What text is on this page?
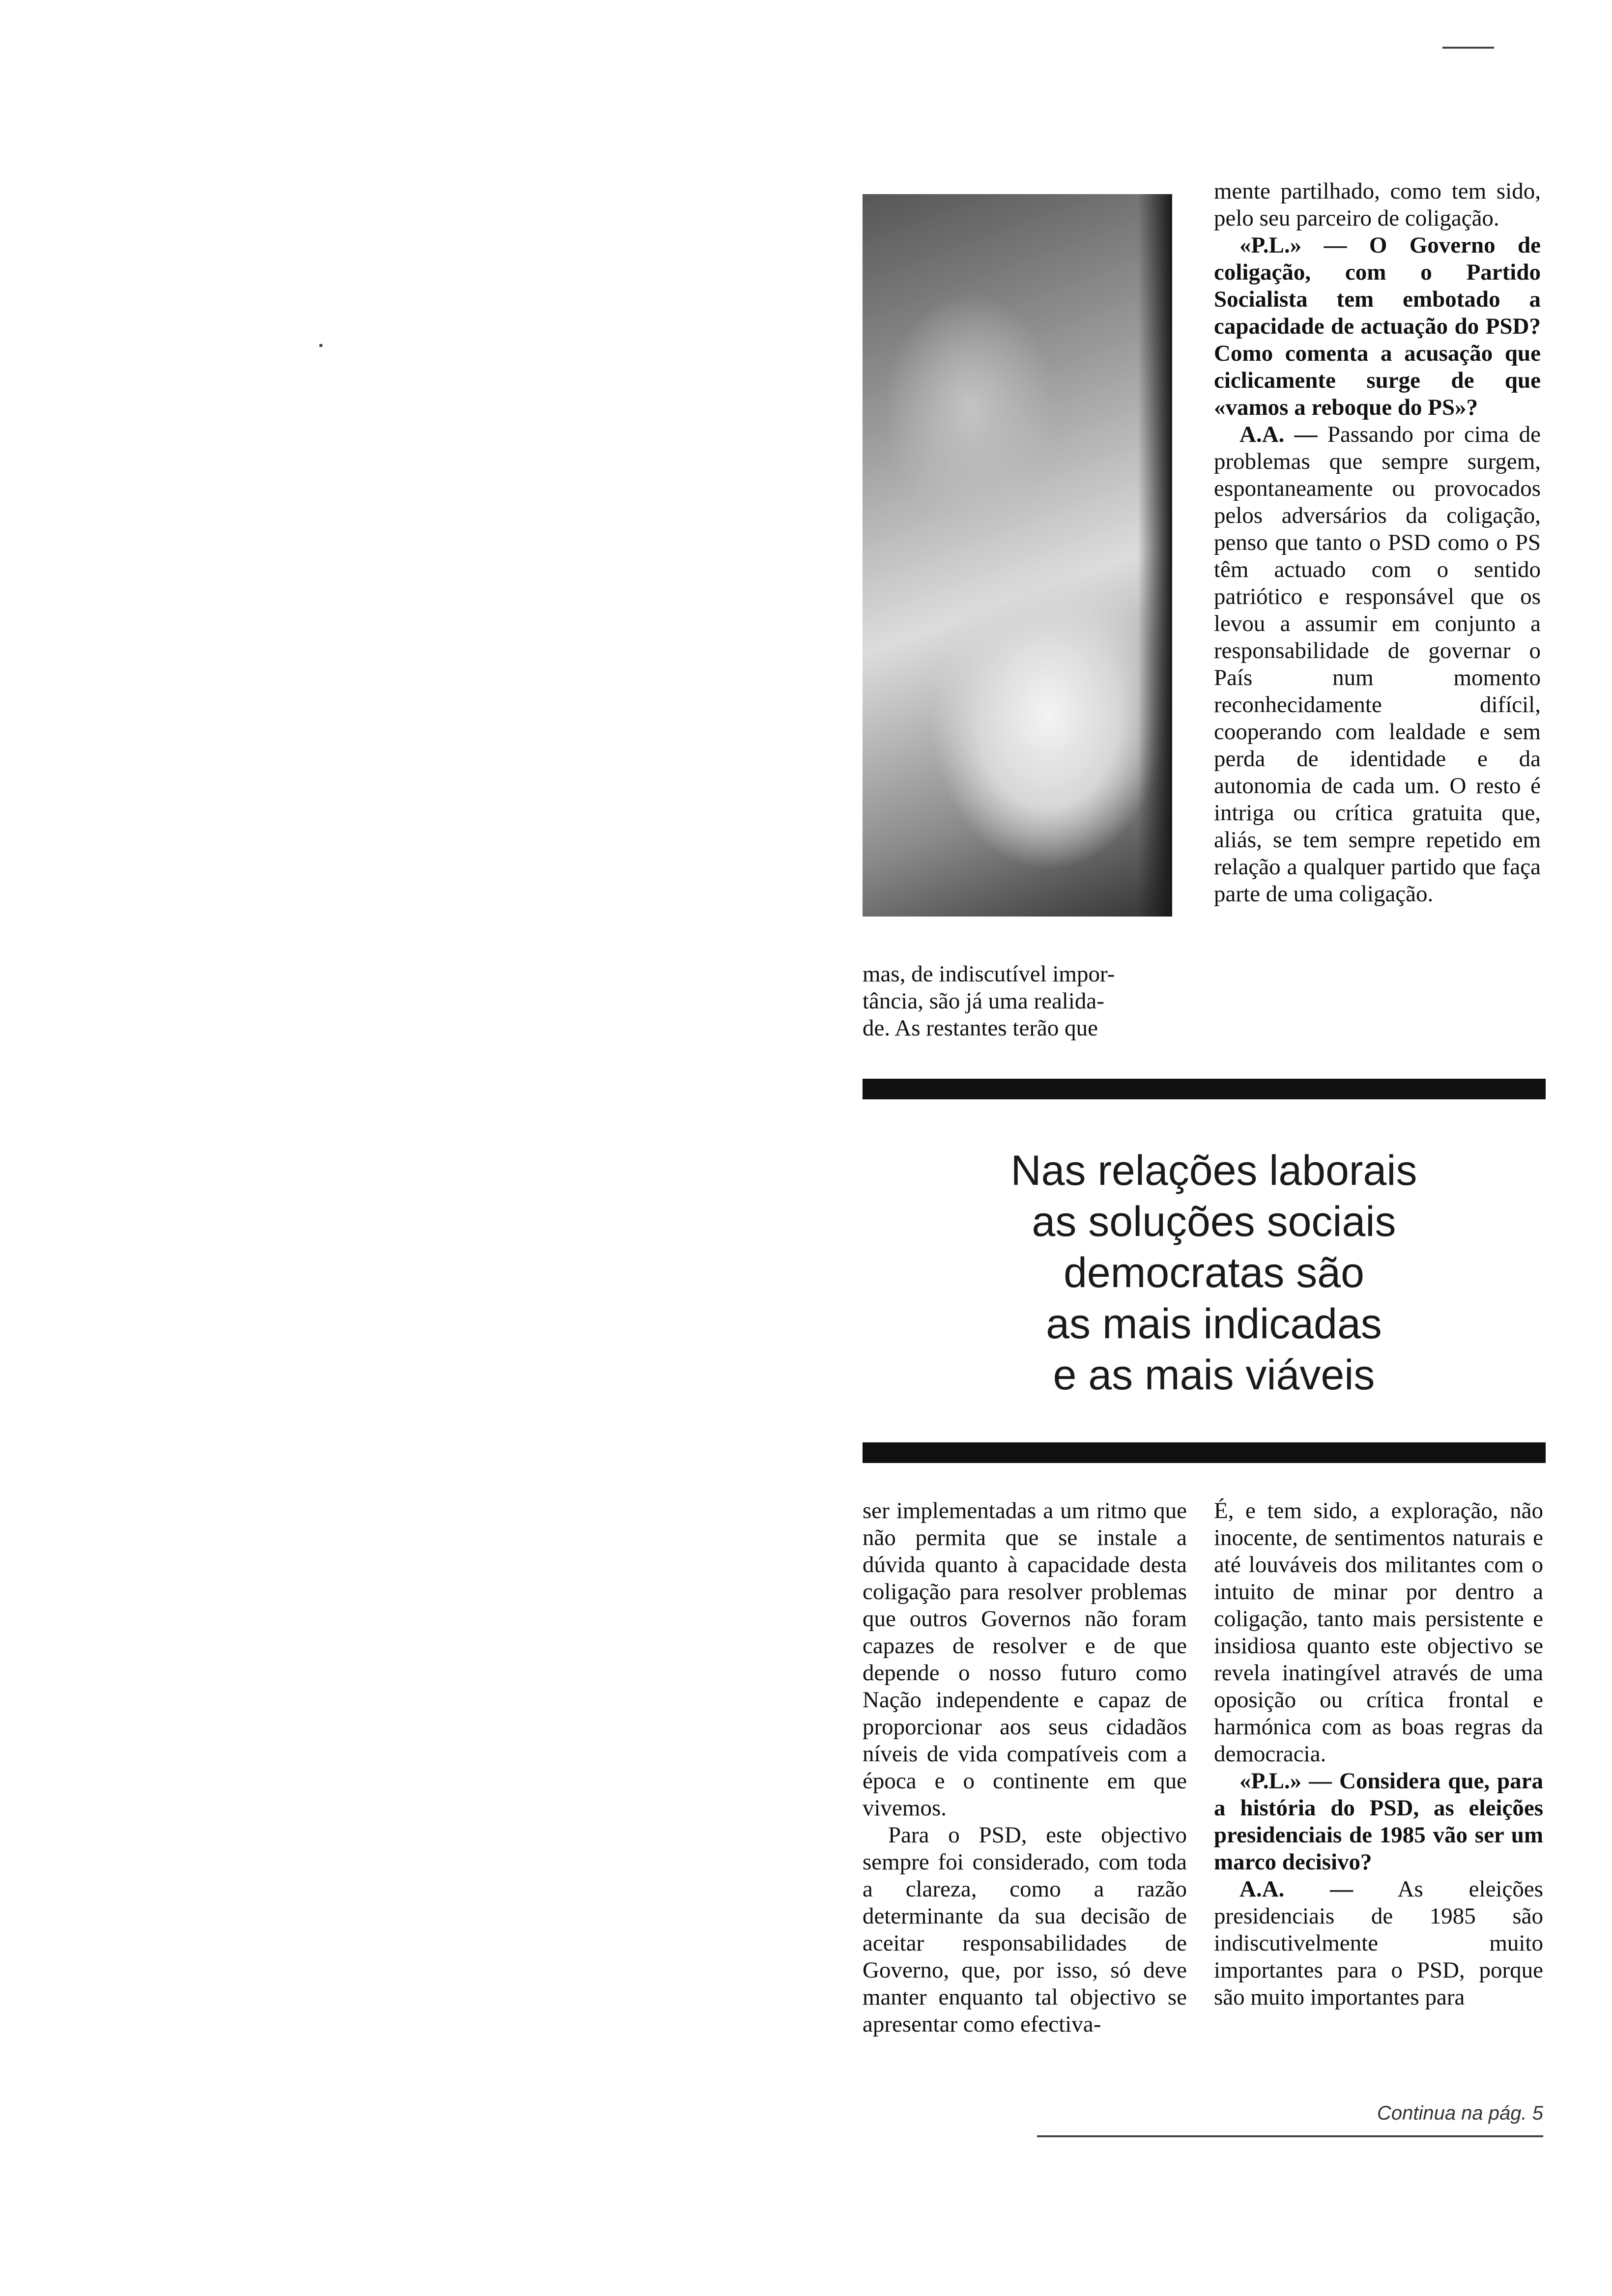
mas, de indiscutível impor-
tância, são já uma realida-
de. As restantes terão que

mente partilhado, como tem sido, pelo seu parceiro de coligação.

«P.L.» — O Governo de coligação, com o Partido Socialista tem embotado a capacidade de actuação do PSD? Como comenta a acusação que ciclicamente surge de que «vamos a reboque do PS»?

A.A. — Passando por cima de problemas que sempre surgem, espontaneamente ou provocados pelos adversários da coligação, penso que tanto o PSD como o PS têm actuado com o sentido patriótico e responsável que os levou a assumir em conjunto a responsabilidade de governar o País num momento reconhecidamente difícil, cooperando com lealdade e sem perda de identidade e da autonomia de cada um. O resto é intriga ou crítica gratuita que, aliás, se tem sempre repetido em relação a qualquer partido que faça parte de uma coligação.

Nas relações laborais
as soluções sociais
democratas são
as mais indicadas
e as mais viáveis

ser implementadas a um ritmo que não permita que se instale a dúvida quanto à capacidade desta coligação para resolver problemas que outros Governos não foram capazes de resolver e de que depende o nosso futuro como Nação independente e capaz de proporcionar aos seus cidadãos níveis de vida compatíveis com a época e o continente em que vivemos.

Para o PSD, este objectivo sempre foi considerado, com toda a clareza, como a razão determinante da sua decisão de aceitar responsabilidades de Governo, que, por isso, só deve manter enquanto tal objectivo se apresentar como efectiva-

É, e tem sido, a exploração, não inocente, de sentimentos naturais e até louváveis dos militantes com o intuito de minar por dentro a coligação, tanto mais persistente e insidiosa quanto este objectivo se revela inatingível através de uma oposição ou crítica frontal e harmónica com as boas regras da democracia.

«P.L.» — Considera que, para a história do PSD, as eleições presidenciais de 1985 vão ser um marco decisivo?

A.A. — As eleições presidenciais de 1985 são indiscutivelmente muito importantes para o PSD, porque são muito importantes para

Continua na pág. 5
